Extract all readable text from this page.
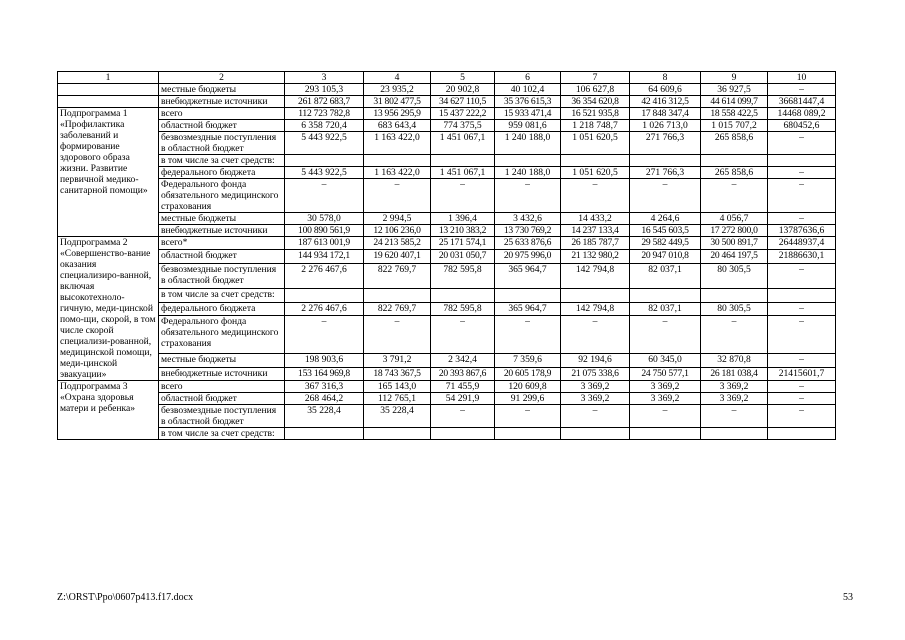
1	2	3	4	5	6	7	8	9	10
	местные бюджеты	293 105,3	23 935,2	20 902,8	40 102,4	106 627,8	64 609,6	36 927,5	–
	внебюджетные источники	261 872 683,7	31 802 477,5	34 627 110,5	35 376 615,3	36 354 620,8	42 416 312,5	44 614 099,7	36681447,4
Подпрограмма 1 «Профилактика заболеваний и формирование здорового образа жизни. Развитие первичной медико-санитарной помощи»	всего	112 723 782,8	13 956 295,9	15 437 222,2	15 933 471,4	16 521 935,8	17 848 347,4	18 558 422,5	14468 089,2
	областной бюджет	6 358 720,4	683 643,4	774 375,5	959 081,6	1 218 748,7	1 026 713,0	1 015 707,2	680452,6
	безвозмездные поступления в областной бюджет	5 443 922,5	1 163 422,0	1 451 067,1	1 240 188,0	1 051 620,5	271 766,3	265 858,6	–
	в том числе за счет средств:								
	федерального бюджета	5 443 922,5	1 163 422,0	1 451 067,1	1 240 188,0	1 051 620,5	271 766,3	265 858,6	–
	Федерального фонда обязательного медицинского страхования	–	–	–	–	–	–	–	–
	местные бюджеты	30 578,0	2 994,5	1 396,4	3 432,6	14 433,2	4 264,6	4 056,7	–
	внебюджетные источники	100 890 561,9	12 106 236,0	13 210 383,2	13 730 769,2	14 237 133,4	16 545 603,5	17 272 800,0	13787636,6
Подпрограмма 2 «Совершенство-вание оказания специализиро-ванной, включая высокотехноло-гичную, меди-цинской помо-щи, скорой, в том числе скорой специализи-рованной, медицинской помощи, меди-цинской эвакуации»	всего*	187 613 001,9	24 213 585,2	25 171 574,1	25 633 876,6	26 185 787,7	29 582 449,5	30 500 891,7	26448937,4
	областной бюджет	144 934 172,1	19 620 407,1	20 031 050,7	20 975 996,0	21 132 980,2	20 947 010,8	20 464 197,5	21886630,1
	безвозмездные поступления в областной бюджет	2 276 467,6	822 769,7	782 595,8	365 964,7	142 794,8	82 037,1	80 305,5	–
	в том числе за счет средств:								
	федерального бюджета	2 276 467,6	822 769,7	782 595,8	365 964,7	142 794,8	82 037,1	80 305,5	–
	Федерального фонда обязательного медицинского страхования	–	–	–	–	–	–	–	–
	местные бюджеты	198 903,6	3 791,2	2 342,4	7 359,6	92 194,6	60 345,0	32 870,8	–
	внебюджетные источники	153 164 969,8	18 743 367,5	20 393 867,6	20 605 178,9	21 075 338,6	24 750 577,1	26 181 038,4	21415601,7
Подпрограмма 3 «Охрана здоровья матери и ребенка»	всего	367 316,3	165 143,0	71 455,9	120 609,8	3 369,2	3 369,2	3 369,2	–
	областной бюджет	268 464,2	112 765,1	54 291,9	91 299,6	3 369,2	3 369,2	3 369,2	–
	безвозмездные поступления в областной бюджет	35 228,4	35 228,4	–	–	–	–	–	–
	в том числе за счет средств:								
Z:\ORST\Ppo\0607p413.f17.docx	53
